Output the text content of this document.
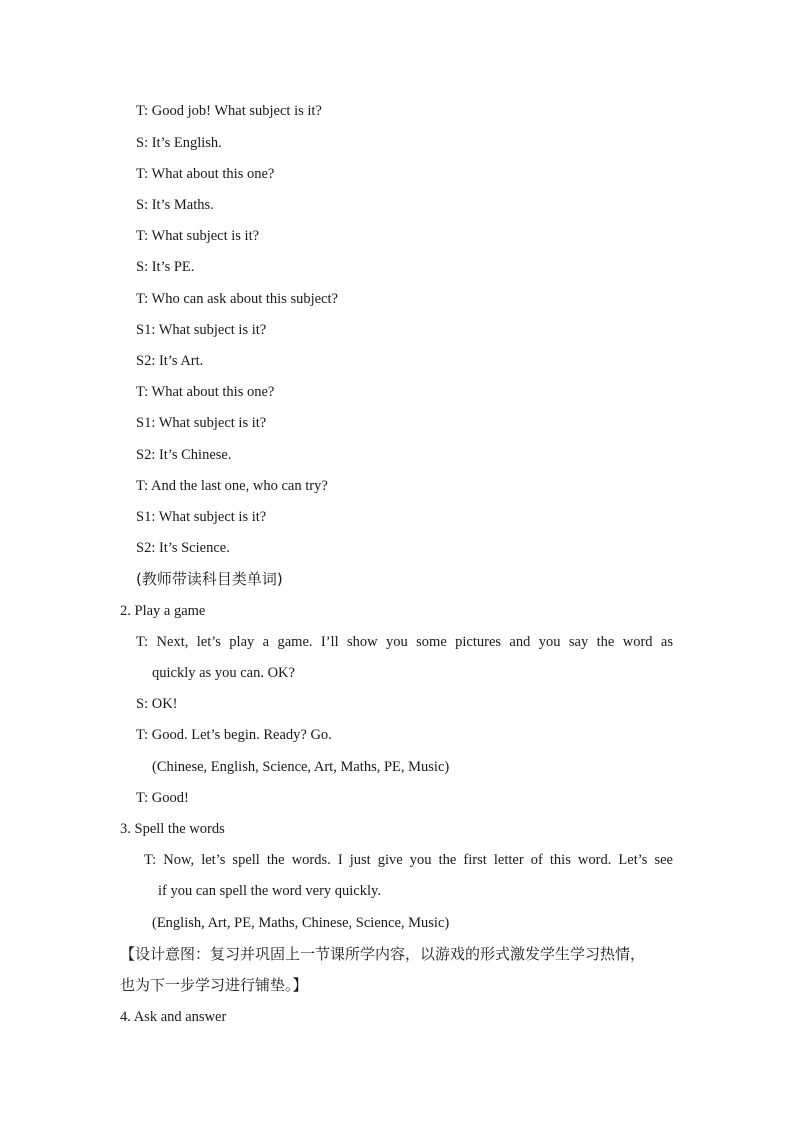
T: Good job! What subject is it?
S: It’s English.
T: What about this one?
S: It’s Maths.
T: What subject is it?
S: It’s PE.
T: Who can ask about this subject?
S1: What subject is it?
S2: It’s Art.
T: What about this one?
S1: What subject is it?
S2: It’s Chinese.
T: And the last one, who can try?
S1: What subject is it?
S2: It’s Science.
(教师带读科目类单词)
2. Play a game
T: Next, let’s play a game. I’ll show you some pictures and you say the word as
quickly as you can. OK?
S: OK!
T: Good. Let’s begin. Ready? Go.
(Chinese, English, Science, Art, Maths, PE, Music)
T: Good!
3. Spell the words
T: Now, let’s spell the words. I just give you the first letter of this word. Let’s see
if you can spell the word very quickly.
(English, Art, PE, Maths, Chinese, Science, Music)
【设计意图：复习并巩固上一节课所学内容，以游戏的形式激发学生学习热情，
也为下一步学习进行铺垫。】
4. Ask and answer
